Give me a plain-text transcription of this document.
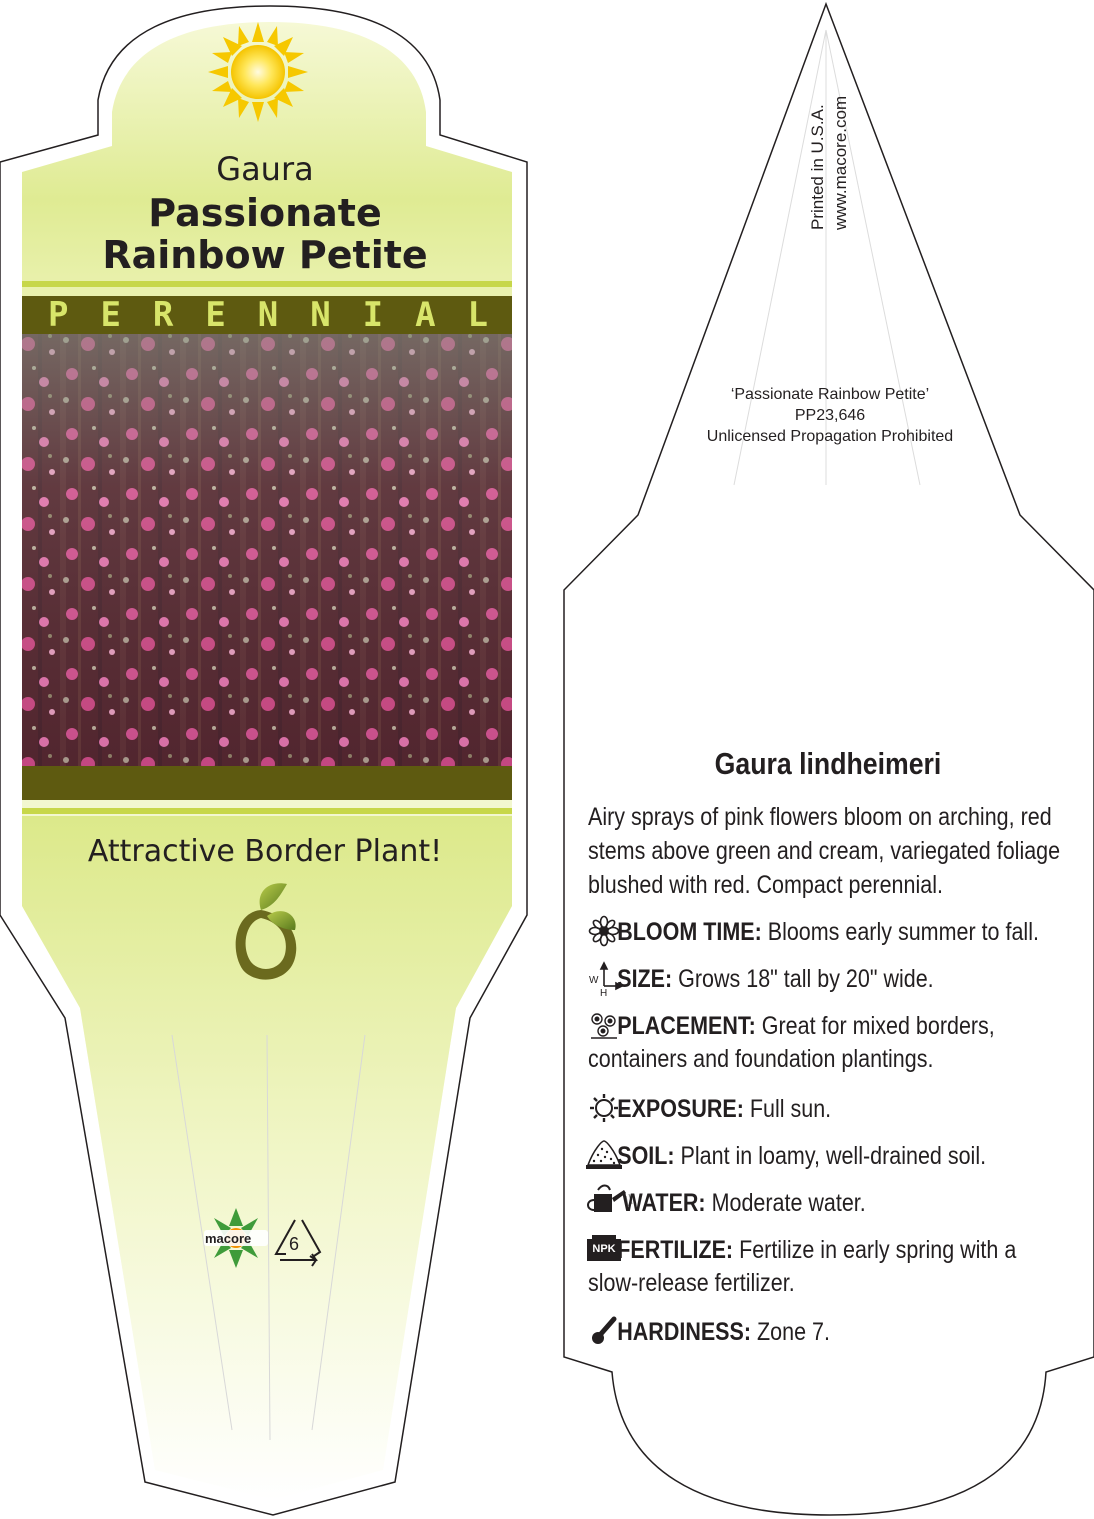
Gaura
Passionate
Rainbow Petite
P E R E N N I A L
Attractive Border Plant!
macore 6
Printed in U.S.A. www.macore.com
‘Passionate Rainbow Petite’
PP23,646
Unlicensed Propagation Prohibited
Gaura lindheimeri
Airy sprays of pink flowers bloom on arching, red
stems above green and cream, variegated foliage
blushed with red. Compact perennial.
BLOOM TIME: Blooms early summer to fall.
SIZE: Grows 18" tall by 20" wide.
W
H
PLACEMENT: Great for mixed borders,
containers and foundation plantings.
EXPOSURE: Full sun.
SOIL: Plant in loamy, well-drained soil.
WATER: Moderate water.
FERTILIZE: Fertilize in early spring with a
slow-release fertilizer.
NPK
HARDINESS: Zone 7.
